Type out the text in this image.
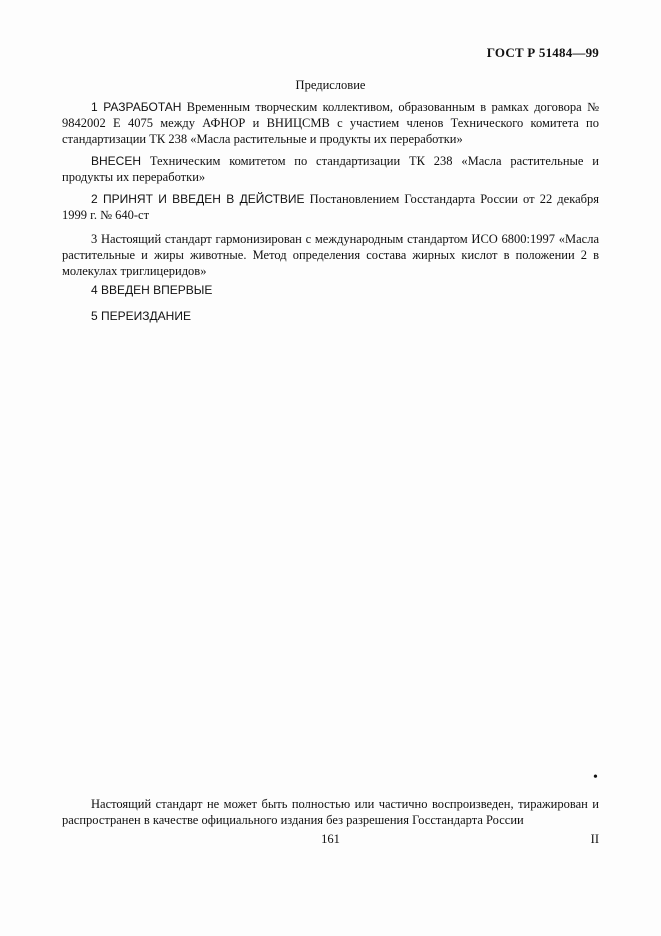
ГОСТ Р 51484—99
Предисловие

1 РАЗРАБОТАН Временным творческим коллективом, образованным в рамках договора № 9842002 Е 4075 между АФНОР и ВНИЦСМВ с участием членов Технического комитета по стандартизации ТК 238 «Масла растительные и продукты их переработки»

ВНЕСЕН Техническим комитетом по стандартизации ТК 238 «Масла растительные и продукты их переработки»

2 ПРИНЯТ И ВВЕДЕН В ДЕЙСТВИЕ Постановлением Госстандарта России от 22 декабря 1999 г. № 640-ст

3 Настоящий стандарт гармонизирован с международным стандартом ИСО 6800:1997 «Масла растительные и жиры животные. Метод определения состава жирных кислот в положении 2 в молекулах триглицеридов»

4 ВВЕДЕН ВПЕРВЫЕ

5 ПЕРЕИЗДАНИЕ

•

Настоящий стандарт не может быть полностью или частично воспроизведен, тиражирован и распространен в качестве официального издания без разрешения Госстандарта России

161	II
